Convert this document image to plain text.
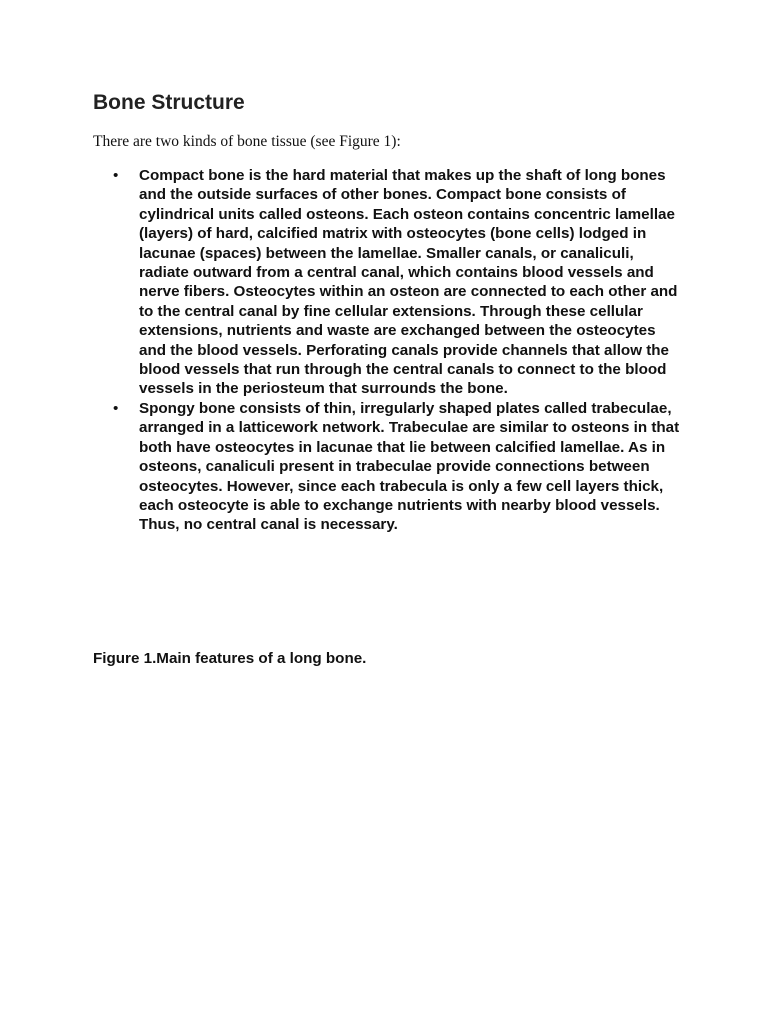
Bone Structure

There are two kinds of bone tissue (see Figure 1):

• Compact bone is the hard material that makes up the shaft of long bones and the outside surfaces of other bones. Compact bone consists of cylindrical units called osteons. Each osteon contains concentric lamellae (layers) of hard, calcified matrix with osteocytes (bone cells) lodged in lacunae (spaces) between the lamellae. Smaller canals, or canaliculi, radiate outward from a central canal, which contains blood vessels and nerve fibers. Osteocytes within an osteon are connected to each other and to the central canal by fine cellular extensions. Through these cellular extensions, nutrients and waste are exchanged between the osteocytes and the blood vessels. Perforating canals provide channels that allow the blood vessels that run through the central canals to connect to the blood vessels in the periosteum that surrounds the bone.
• Spongy bone consists of thin, irregularly shaped plates called trabeculae, arranged in a latticework network. Trabeculae are similar to osteons in that both have osteocytes in lacunae that lie between calcified lamellae. As in osteons, canaliculi present in trabeculae provide connections between osteocytes. However, since each trabecula is only a few cell layers thick, each osteocyte is able to exchange nutrients with nearby blood vessels. Thus, no central canal is necessary.

Figure 1.Main features of a long bone.
